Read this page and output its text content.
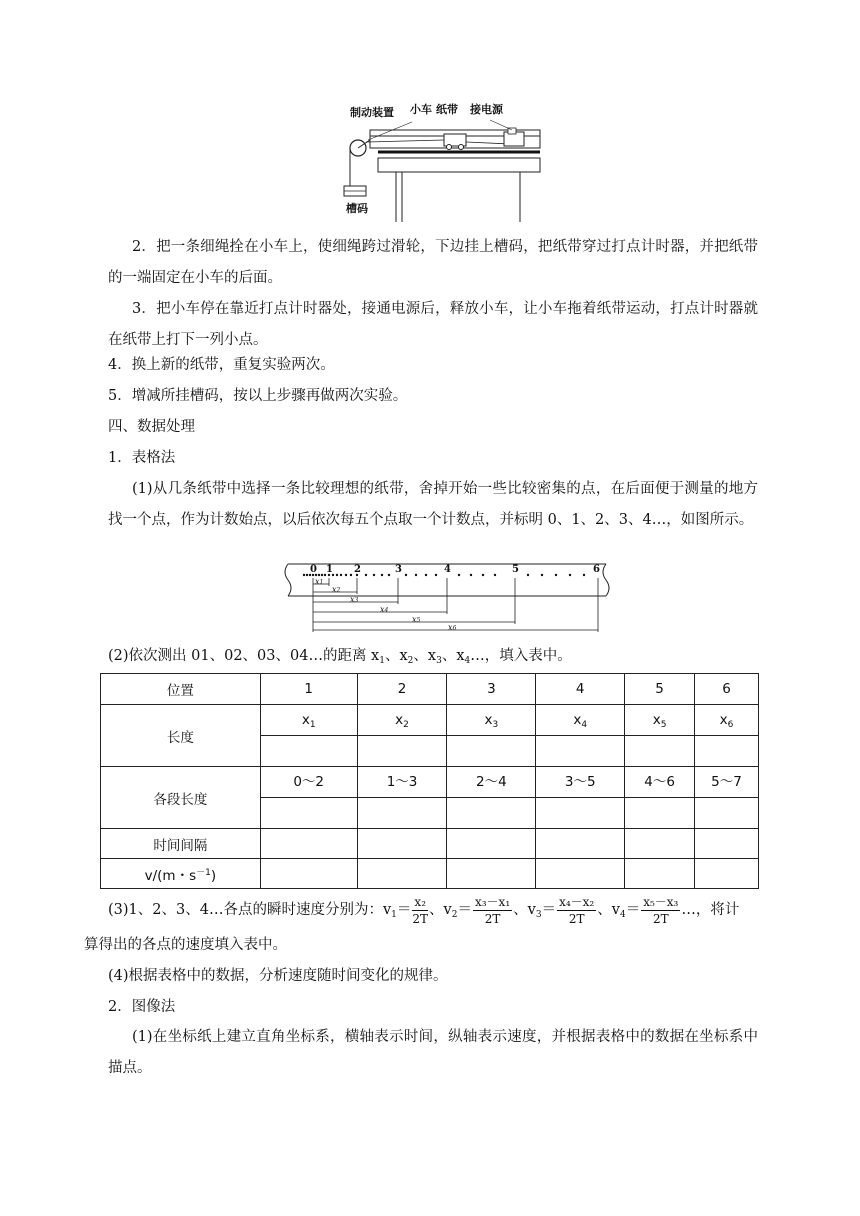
制动装置 小车 纸带 接电源
槽码
2．把一条细绳拴在小车上，使细绳跨过滑轮，下边挂上槽码，把纸带穿过打点计时器，并把纸带的一端固定在小车的后面。
3．把小车停在靠近打点计时器处，接通电源后，释放小车，让小车拖着纸带运动，打点计时器就在纸带上打下一列小点。
4．换上新的纸带，重复实验两次。
5．增减所挂槽码，按以上步骤再做两次实验。
四、数据处理
1．表格法
(1)从几条纸带中选择一条比较理想的纸带，舍掉开始一些比较密集的点，在后面便于测量的地方找一个点，作为计数始点，以后依次每五个点取一个计数点，并标明 0、1、2、3、4…，如图所示。
0 1 2	3	4	5	6
x1
x2
x3
x4
x5
x6
(2)依次测出 01、02、03、04…的距离 $x_1$、$x_2$、$x_3$、$x_4\dots$，填入表中。
位置	1	2	3	4	5	6
长度	$x_1$	$x_2$	$x_3$	$x_4$	$x_5$	$x_6$

各段长度	0～2	1～3	2～4	3～5	4～6	5～7

时间间隔						
v/(m・$s^{-1}$)						
(3)1、2、3、4…各点的瞬时速度分别为：$v_1= \frac{\text{x₂}}{2T}$ 、$v_2= \frac{\text{x₃－x₁}}{2T}$ 、$v_3= \frac{\text{x₄－x₂}}{2T}$ 、$v_4= \frac{\text{x₅－x₃}}{2T}$ …，将计
算得出的各点的速度填入表中。
(4)根据表格中的数据，分析速度随时间变化的规律。
2．图像法
(1)在坐标纸上建立直角坐标系，横轴表示时间，纵轴表示速度，并根据表格中的数据在坐标系中描点。
